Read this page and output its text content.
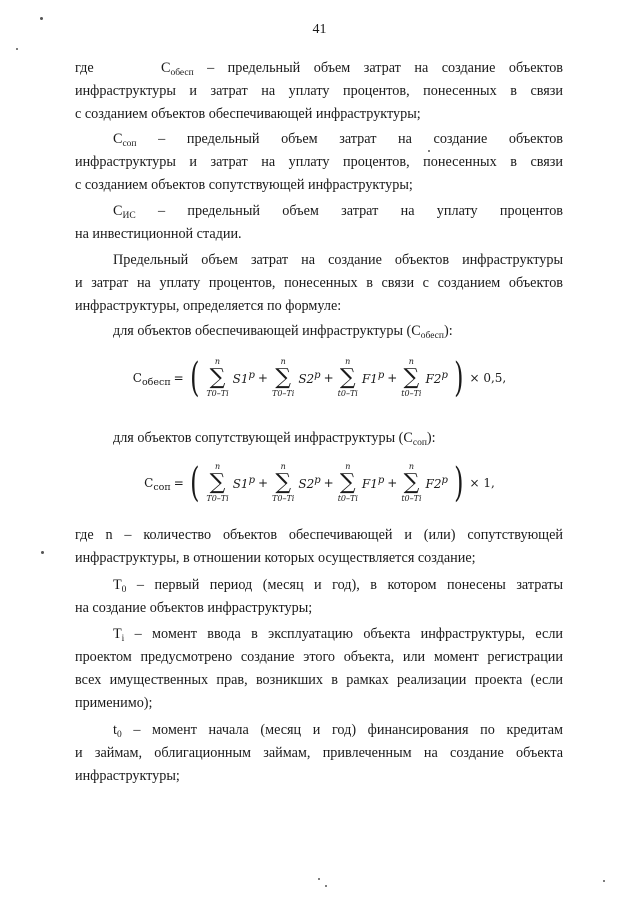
41
где	$С_{обесп}$ – предельный объем затрат на создание объектов
инфраструктуры и затрат на уплату процентов, понесенных в связи
с созданием объектов обеспечивающей инфраструктуры;
$С_{соп}$ – предельный объем затрат на создание объектов
инфраструктуры и затрат на уплату процентов, понесенных в связи
с созданием объектов сопутствующей инфраструктуры;
$С_{ИС}$ – предельный объем затрат на уплату процентов
на инвестиционной стадии.
Предельный объем затрат на создание объектов инфраструктуры
и затрат на уплату процентов, понесенных в связи с созданием объектов
инфраструктуры, определяется по формуле:
для объектов обеспечивающей инфраструктуры $(С_{обесп})$:
$С_{обесп}$ = ( n
∑
T0–Ti
$S1^p$ +
n
∑
T0–Ti
$S2^p$ +
n
∑
t0–Ti
$F1^p$ +
n
∑
t0–Ti
F2$^p$ ) × 0,5,
для объектов сопутствующей инфраструктуры $(С_{соп})$:
$С_{соп}$ = ( n
∑
T0–Ti
$S1^p$ +
n
∑
T0–Ti
$S2^p$ +
n
∑
t0–Ti
$F1^p$ +
n
∑
t0–Ti
F2$^p$ ) × 1,
где n – количество объектов обеспечивающей и (или) сопутствующей
инфраструктуры, в отношении которых осуществляется создание;
$T_0$ – первый период (месяц и год), в котором понесены затраты
на создание объектов инфраструктуры;
$T_i$ – момент ввода в эксплуатацию объекта инфраструктуры, если
проектом предусмотрено создание этого объекта, или момент регистрации
всех имущественных прав, возникших в рамках реализации проекта (если
применимо);
$t_0$ – момент начала (месяц и год) финансирования по кредитам
и займам, облигационным займам, привлеченным на создание объекта
инфраструктуры;
